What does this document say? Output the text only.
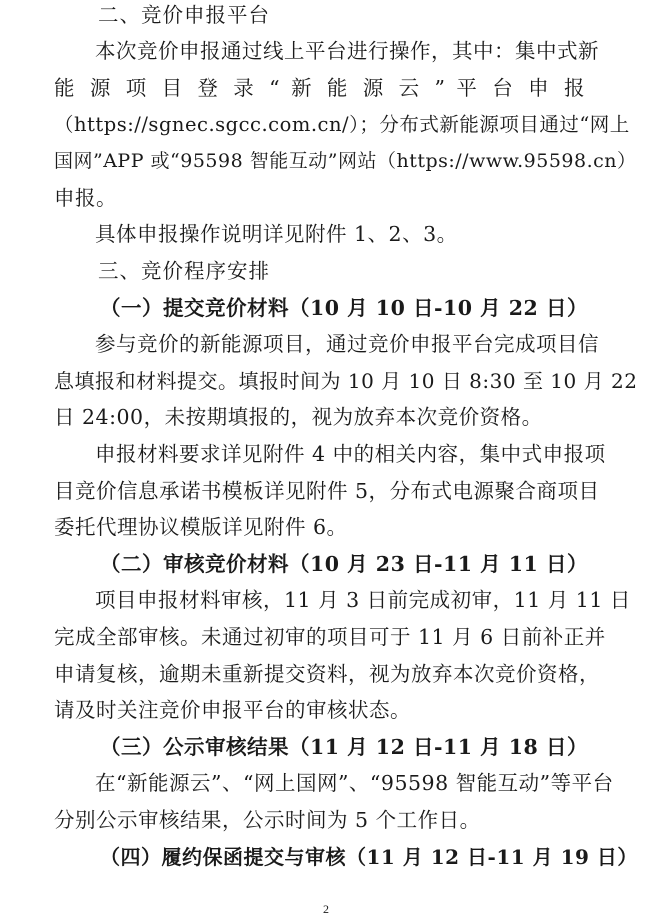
二、竞价申报平台
本次竞价申报通过线上平台进行操作，其中：集中式新
能 源 项 目 登 录 “ 新 能 源 云 ” 平 台 申 报
（https://sgnec.sgcc.com.cn/）；分布式新能源项目通过“网上
国网”APP 或“95598 智能互动”网站（https://www.95598.cn）
申报。
具体申报操作说明详见附件 1、2、3。
三、竞价程序安排
（一）提交竞价材料（10 月 10 日-10 月 22 日）
参与竞价的新能源项目，通过竞价申报平台完成项目信
息填报和材料提交。填报时间为 10 月 10 日 8:30 至 10 月 22
日 24:00，未按期填报的，视为放弃本次竞价资格。
申报材料要求详见附件 4 中的相关内容，集中式申报项
目竞价信息承诺书模板详见附件 5，分布式电源聚合商项目
委托代理协议模版详见附件 6。
（二）审核竞价材料（10 月 23 日-11 月 11 日）
项目申报材料审核，11 月 3 日前完成初审，11 月 11 日
完成全部审核。未通过初审的项目可于 11 月 6 日前补正并
申请复核，逾期未重新提交资料，视为放弃本次竞价资格，
请及时关注竞价申报平台的审核状态。
（三）公示审核结果（11 月 12 日-11 月 18 日）
在“新能源云”、“网上国网”、“95598 智能互动”等平台
分别公示审核结果，公示时间为 5 个工作日。
（四）履约保函提交与审核（11 月 12 日-11 月 19 日）
2
